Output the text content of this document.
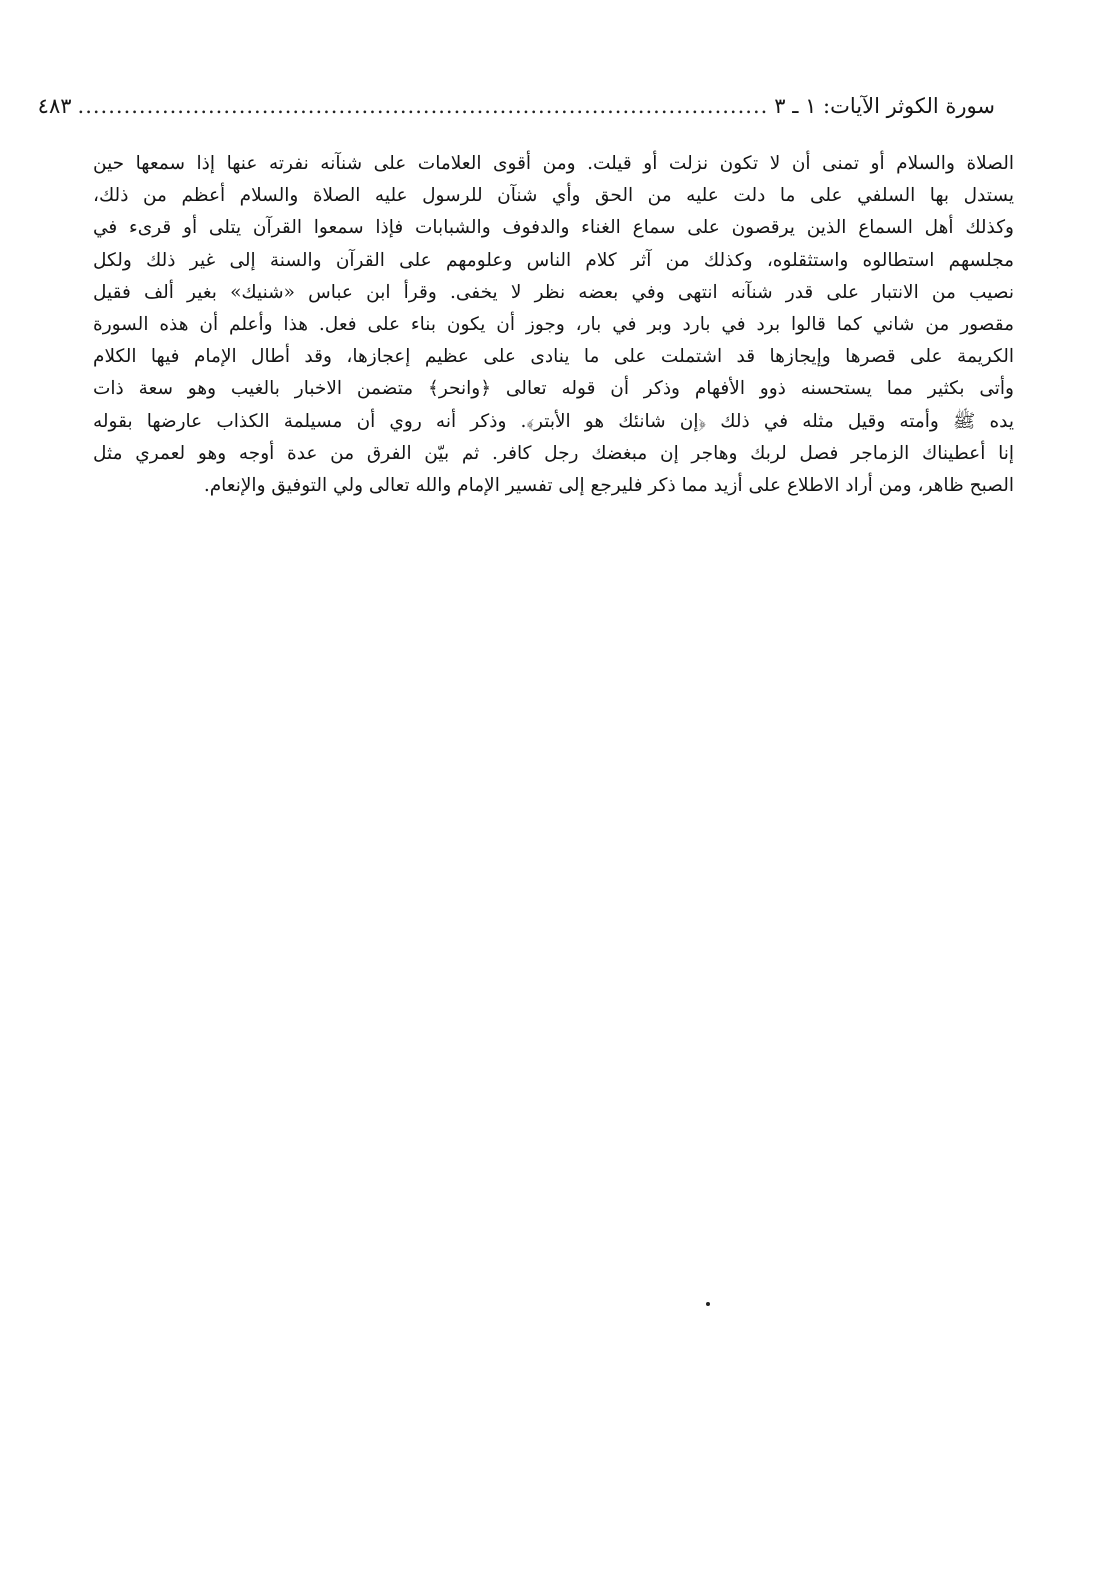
سورة الكوثر الآيات: ١ ـ ٣
..........................................................................................
٤٨٣
الصلاة والسلام أو تمنى أن لا تكون نزلت أو قيلت. ومن أقوى العلامات على شنآنه نفرته عنها إذا سمعها حين
يستدل بها السلفي على ما دلت عليه من الحق وأي شنآن للرسول عليه الصلاة والسلام أعظم من ذلك،
وكذلك أهل السماع الذين يرقصون على سماع الغناء والدفوف والشبابات فإذا سمعوا القرآن يتلى أو قرىء في
مجلسهم استطالوه واستثقلوه، وكذلك من آثر كلام الناس وعلومهم على القرآن والسنة إلى غير ذلك ولكل
نصيب من الانتبار على قدر شنآنه انتهى وفي بعضه نظر لا يخفى. وقرأ ابن عباس «شنيك» بغير ألف فقيل
مقصور من شاني كما قالوا برد في بارد وبر في بار، وجوز أن يكون بناء على فعل. هذا وأعلم أن هذه السورة
الكريمة على قصرها وإيجازها قد اشتملت على ما ينادى على عظيم إعجازها، وقد أطال الإمام فيها الكلام
وأتى بكثير مما يستحسنه ذوو الأفهام وذكر أن قوله تعالى ﴿وانحر﴾ متضمن الاخبار بالغيب وهو سعة ذات
يده ﷺ وأمته وقيل مثله في ذلك ﴿إن شانئك هو الأبتر﴾. وذكر أنه روي أن مسيلمة الكذاب عارضها بقوله
إنا أعطيناك الزماجر فصل لربك وهاجر إن مبغضك رجل كافر. ثم بيّن الفرق من عدة أوجه وهو لعمري مثل
الصبح ظاهر، ومن أراد الاطلاع على أزيد مما ذكر فليرجع إلى تفسير الإمام والله تعالى ولي التوفيق والإنعام.
